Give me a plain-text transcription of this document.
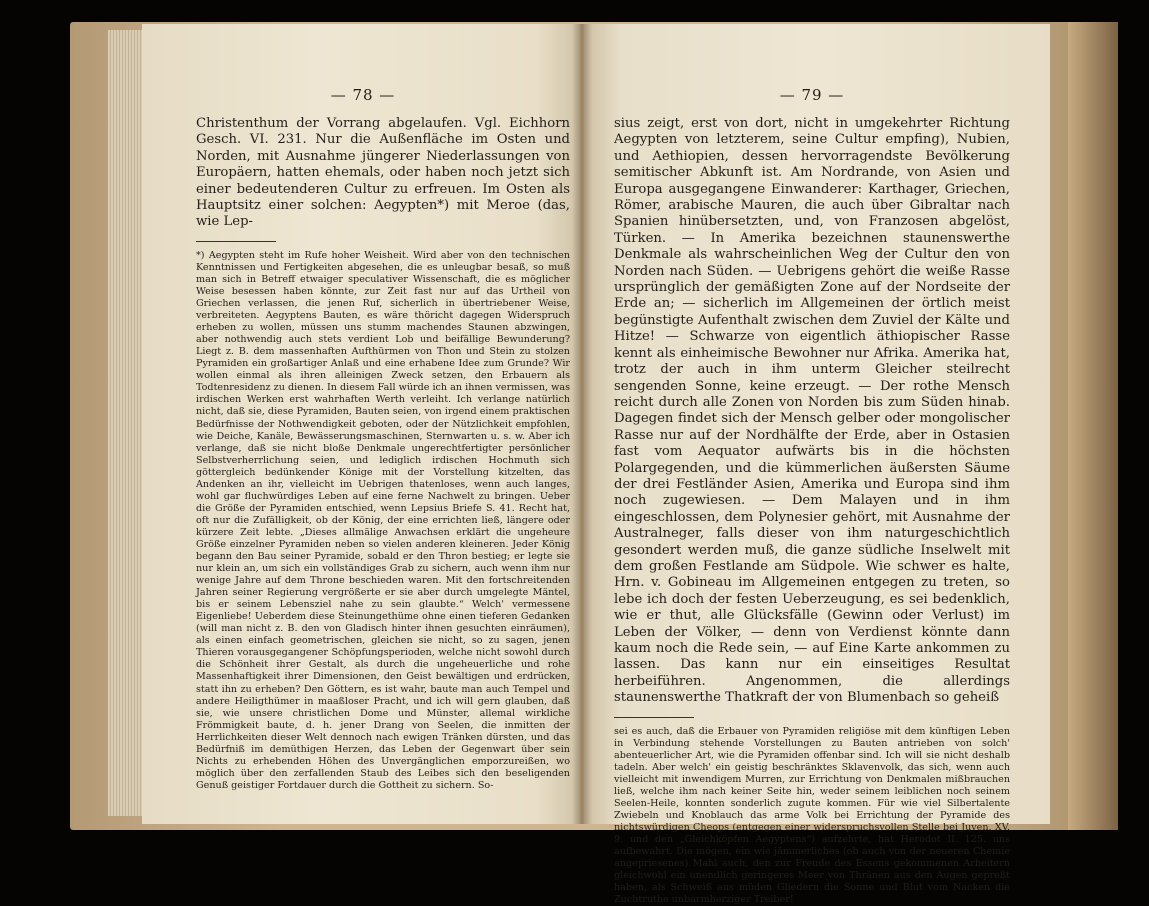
— 78 —

Christenthum der Vorrang abgelaufen. Vgl. Eichhorn Gesch. VI. 231. Nur die Außenfläche im Osten und Norden, mit Ausnahme jüngerer Niederlassungen von Europäern, hatten ehemals, oder haben noch jetzt sich einer bedeutenderen Cultur zu erfreuen. Im Osten als Hauptsitz einer solchen: Aegypten*) mit Meroe (das, wie Lep-

*) Aegypten steht im Rufe hoher Weisheit. Wird aber von den technischen Kenntnissen und Fertigkeiten abgesehen, die es unleugbar besaß, so muß man sich in Betreff etwaiger speculativer Wissenschaft, die es möglicher Weise besessen haben könnte, zur Zeit fast nur auf das Urtheil von Griechen verlassen, die jenen Ruf, sicherlich in übertriebener Weise, verbreiteten. Aegyptens Bauten, es wäre thöricht dagegen Widerspruch erheben zu wollen, müssen uns stumm machendes Staunen abzwingen, aber nothwendig auch stets verdient Lob und beifällige Bewunderung? Liegt z. B. dem massenhaften Aufthürmen von Thon und Stein zu stolzen Pyramiden ein großartiger Anlaß und eine erhabene Idee zum Grunde? Wir wollen einmal als ihren alleinigen Zweck setzen, den Erbauern als Todtenresidenz zu dienen. In diesem Fall würde ich an ihnen vermissen, was irdischen Werken erst wahrhaften Werth verleiht. Ich verlange natürlich nicht, daß sie, diese Pyramiden, Bauten seien, von irgend einem praktischen Bedürfnisse der Nothwendigkeit geboten, oder der Nützlichkeit empfohlen, wie Deiche, Kanäle, Bewässerungsmaschinen, Sternwarten u. s. w. Aber ich verlange, daß sie nicht bloße Denkmale ungerechtfertigter persönlicher Selbstverherrlichung seien, und lediglich irdischen Hochmuth sich göttergleich bedünkender Könige mit der Vorstellung kitzelten, das Andenken an ihr, vielleicht im Uebrigen thatenloses, wenn auch langes, wohl gar fluchwürdiges Leben auf eine ferne Nachwelt zu bringen. Ueber die Größe der Pyramiden entschied, wenn Lepsius Briefe S. 41. Recht hat, oft nur die Zufälligkeit, ob der König, der eine errichten ließ, längere oder kürzere Zeit lebte. „Dieses allmälige Anwachsen erklärt die ungeheure Größe einzelner Pyramiden neben so vielen anderen kleineren. Jeder König begann den Bau seiner Pyramide, sobald er den Thron bestieg; er legte sie nur klein an, um sich ein vollständiges Grab zu sichern, auch wenn ihm nur wenige Jahre auf dem Throne beschieden waren. Mit den fortschreitenden Jahren seiner Regierung vergrößerte er sie aber durch umgelegte Mäntel, bis er seinem Lebensziel nahe zu sein glaubte.“ Welch' vermessene Eigenliebe! Ueberdem diese Steinungethüme ohne einen tieferen Gedanken (will man nicht z. B. den von Gladisch hinter ihnen gesuchten einräumen), als einen einfach geometrischen, gleichen sie nicht, so zu sagen, jenen Thieren vorausgegangener Schöpfungsperioden, welche nicht sowohl durch die Schönheit ihrer Gestalt, als durch die ungeheuerliche und rohe Massenhaftigkeit ihrer Dimensionen, den Geist bewältigen und erdrücken, statt ihn zu erheben? Den Göttern, es ist wahr, baute man auch Tempel und andere Heiligthümer in maaßloser Pracht, und ich will gern glauben, daß sie, wie unsere christlichen Dome und Münster, allemal wirkliche Frömmigkeit baute, d. h. jener Drang von Seelen, die inmitten der Herrlichkeiten dieser Welt dennoch nach ewigen Tränken dürsten, und das Bedürfniß im demüthigen Herzen, das Leben der Gegenwart über sein Nichts zu erhebenden Höhen des Unvergänglichen emporzureißen, wo möglich über den zerfallenden Staub des Leibes sich den beseligenden Genuß geistiger Fortdauer durch die Gottheit zu sichern. So-

— 79 —

sius zeigt, erst von dort, nicht in umgekehrter Richtung Aegypten von letzterem, seine Cultur empfing), Nubien, und Aethiopien, dessen hervorragendste Bevölkerung semitischer Abkunft ist. Am Nordrande, von Asien und Europa ausgegangene Einwanderer: Karthager, Griechen, Römer, arabische Mauren, die auch über Gibraltar nach Spanien hinübersetzten, und, von Franzosen abgelöst, Türken. — In Amerika bezeichnen staunenswerthe Denkmale als wahrscheinlichen Weg der Cultur den von Norden nach Süden. — Uebrigens gehört die weiße Rasse ursprünglich der gemäßigten Zone auf der Nordseite der Erde an; — sicherlich im Allgemeinen der örtlich meist begünstigte Aufenthalt zwischen dem Zuviel der Kälte und Hitze! — Schwarze von eigentlich äthiopischer Rasse kennt als einheimische Bewohner nur Afrika. Amerika hat, trotz der auch in ihm unterm Gleicher steilrecht sengenden Sonne, keine erzeugt. — Der rothe Mensch reicht durch alle Zonen von Norden bis zum Süden hinab. Dagegen findet sich der Mensch gelber oder mongolischer Rasse nur auf der Nordhälfte der Erde, aber in Ostasien fast vom Aequator aufwärts bis in die höchsten Polargegenden, und die kümmerlichen äußersten Säume der drei Festländer Asien, Amerika und Europa sind ihm noch zugewiesen. — Dem Malayen und in ihm eingeschlossen, dem Polynesier gehört, mit Ausnahme der Australneger, falls dieser von ihm naturgeschichtlich gesondert werden muß, die ganze südliche Inselwelt mit dem großen Festlande am Südpole. Wie schwer es halte, Hrn. v. Gobineau im Allgemeinen entgegen zu treten, so lebe ich doch der festen Ueberzeugung, es sei bedenklich, wie er thut, alle Glücksfälle (Gewinn oder Verlust) im Leben der Völker, — denn von Verdienst könnte dann kaum noch die Rede sein, — auf Eine Karte ankommen zu lassen. Das kann nur ein einseitiges Resultat herbeiführen. Angenommen, die allerdings staunenswerthe Thatkraft der von Blumenbach so geheiß

sei es auch, daß die Erbauer von Pyramiden religiöse mit dem künftigen Leben in Verbindung stehende Vorstellungen zu Bauten antrieben von solch' abenteuerlicher Art, wie die Pyramiden offenbar sind. Ich will sie nicht deshalb tadeln. Aber welch' ein geistig beschränktes Sklavenvolk, das sich, wenn auch vielleicht mit inwendigem Murren, zur Errichtung von Denkmalen mißbrauchen ließ, welche ihm nach keiner Seite hin, weder seinem leiblichen noch seinem Seelen-Heile, konnten sonderlich zugute kommen. Für wie viel Silbertalente Zwiebeln und Knoblauch das arme Volk bei Errichtung der Pyramide des nichtswürdigen Cheops (entgegen einer widerspruchsvollen Stelle bei Juven. XV. 9. und den „Gleichköpfen Aegyptens“) aufzehrte, hat Herodot II. 125. uns aufbewahrt. Die mögen, ein wie jämmerliches (ob auch von der neueren Chemie angepriesenes) Mahl auch, den zur Freude des Essens gekommenen Arbeitern gleichwohl ein unendlich geringeres Meer von Thränen aus den Augen gepreßt haben, als Schweiß aus müden Gliedern die Sonne und Blut vom Nacken die Zuchtruthe unbarmherziger Treiber!
